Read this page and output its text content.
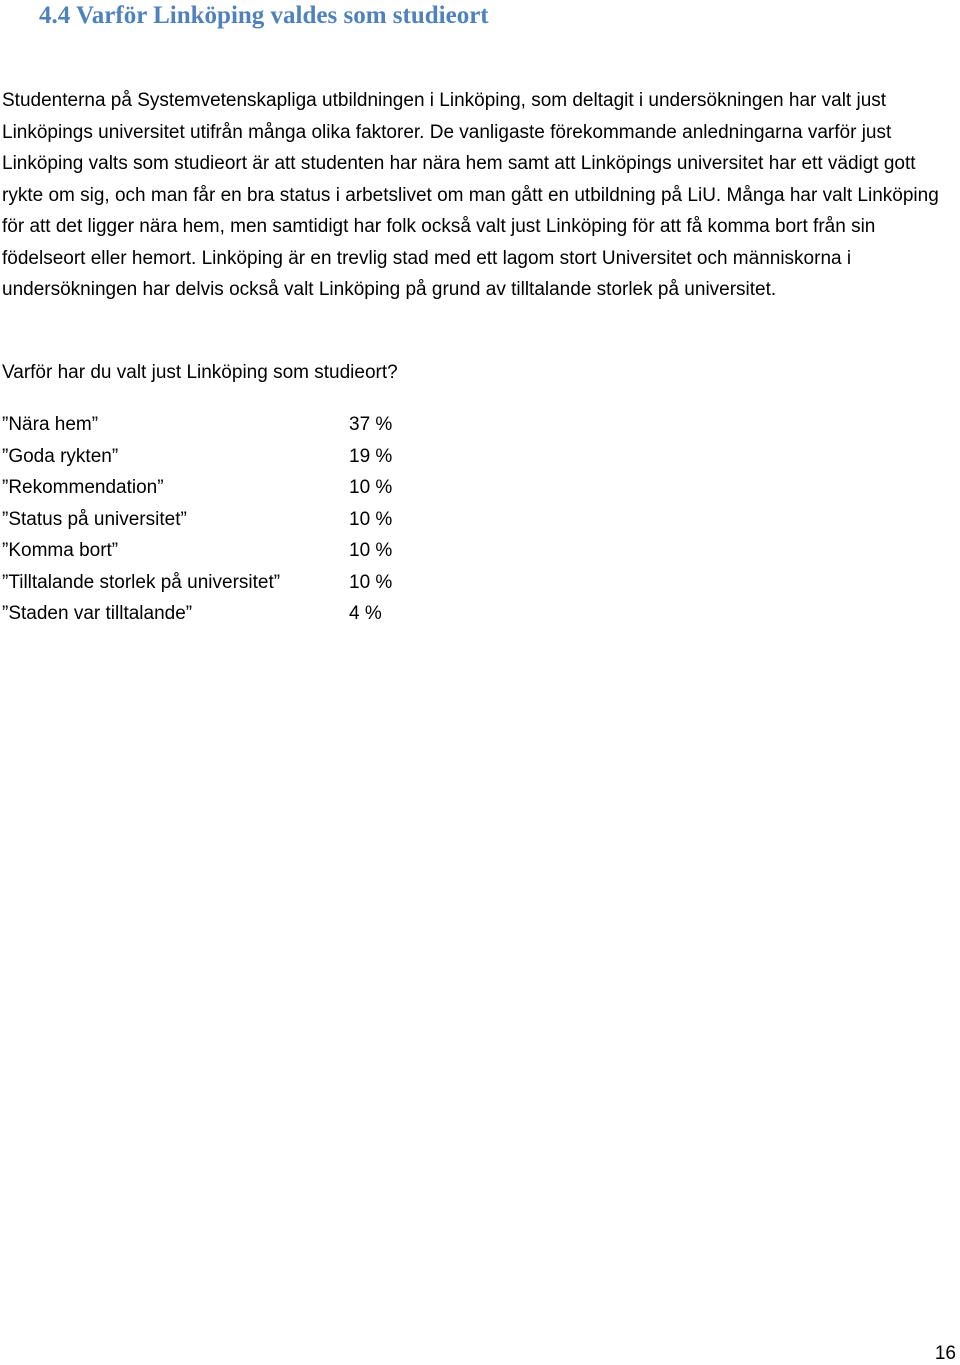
4.4 Varför Linköping valdes som studieort

Studenterna på Systemvetenskapliga utbildningen i Linköping, som deltagit i undersökningen har valt just Linköpings universitet utifrån många olika faktorer. De vanligaste förekommande anledningarna varför just Linköping valts som studieort är att studenten har nära hem samt att Linköpings universitet har ett vädigt gott rykte om sig, och man får en bra status i arbetslivet om man gått en utbildning på LiU. Många har valt Linköping för att det ligger nära hem, men samtidigt har folk också valt just Linköping för att få komma bort från sin födelseort eller hemort. Linköping är en trevlig stad med ett lagom stort Universitet och människorna i undersökningen har delvis också valt Linköping på grund av tilltalande storlek på universitet.

Varför har du valt just Linköping som studieort?

”Nära hem”	37 %
”Goda rykten”	19 %
”Rekommendation”	10 %
”Status på universitet”	10 %
”Komma bort”	10 %
”Tilltalande storlek på universitet”	10 %
”Staden var tilltalande”	4 %
16
